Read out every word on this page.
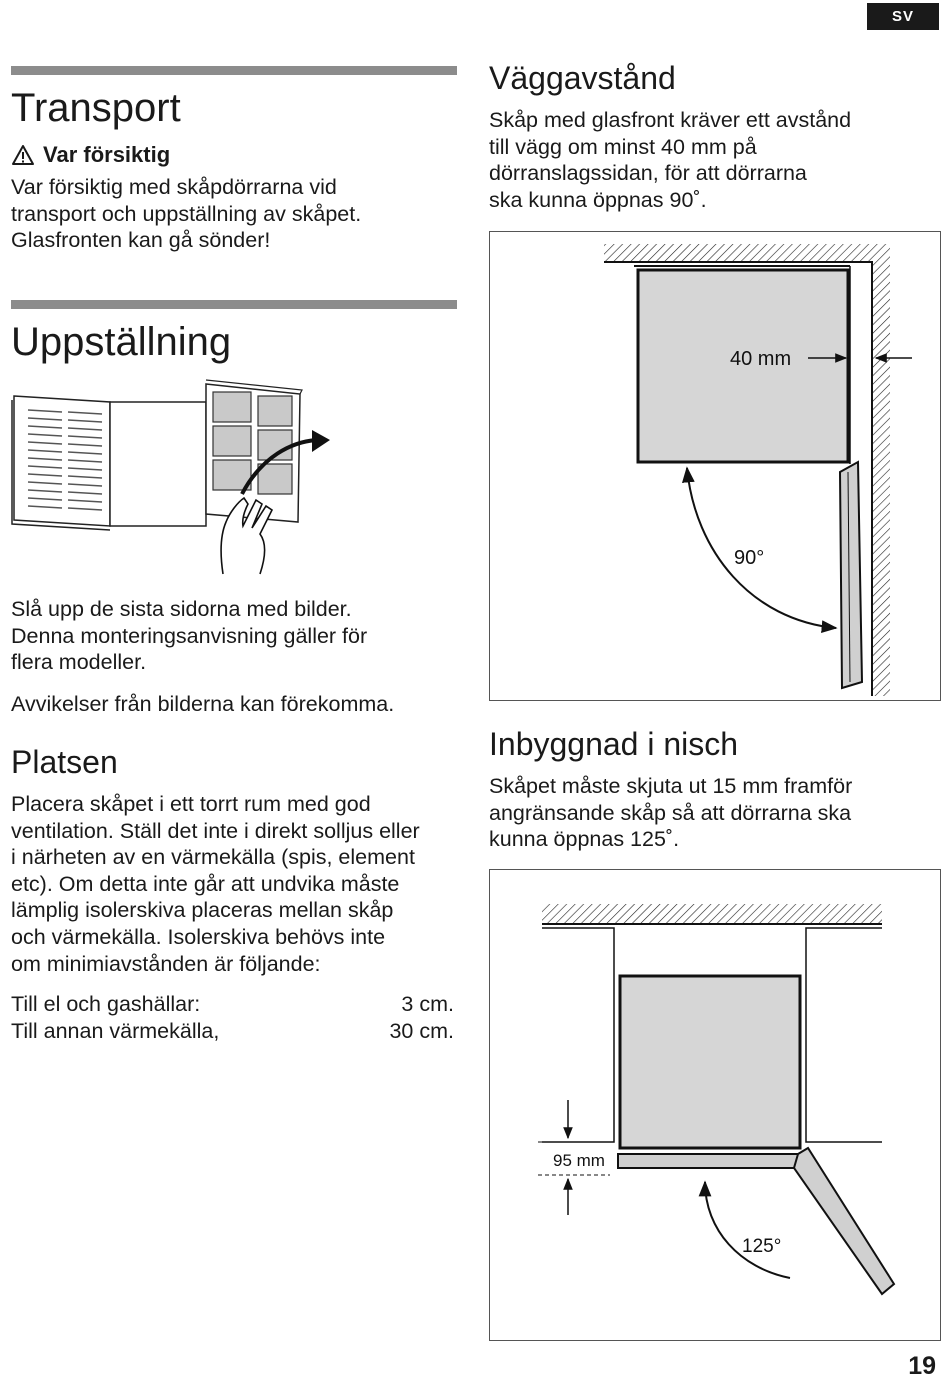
SV
Transport
Var försiktig

Var försiktig med skåpdörrarna vid

transport och uppställning av skåpet.

Glasfronten kan gå sönder!

Uppställning

Slå upp de sista sidorna med bilder.

Denna monteringsanvisning gäller för

flera modeller.

Avvikelser från bilderna kan förekomma.

Platsen

Placera skåpet i ett torrt rum med god

ventilation. Ställ det inte i direkt solljus eller

i närheten av en värmekälla (spis, element

etc). Om detta inte går att undvika måste

lämplig isolerskiva placeras mellan skåp

och värmekälla. Isolerskiva behövs inte

om minimiavstånden är följande:

Till el och gashällar:	3 cm.
Till annan värmekälla,	30 cm.
Väggavstånd

Skåp med glasfront kräver ett avstånd

till vägg om minst 40 mm på

dörranslagssidan, för att dörrarna

ska kunna öppnas 90˚.

40 mm
90°
Inbyggnad i nisch

Skåpet måste skjuta ut 15 mm framför

angränsande skåp så att dörrarna ska

kunna öppnas 125˚.

95 mm
125°
19
